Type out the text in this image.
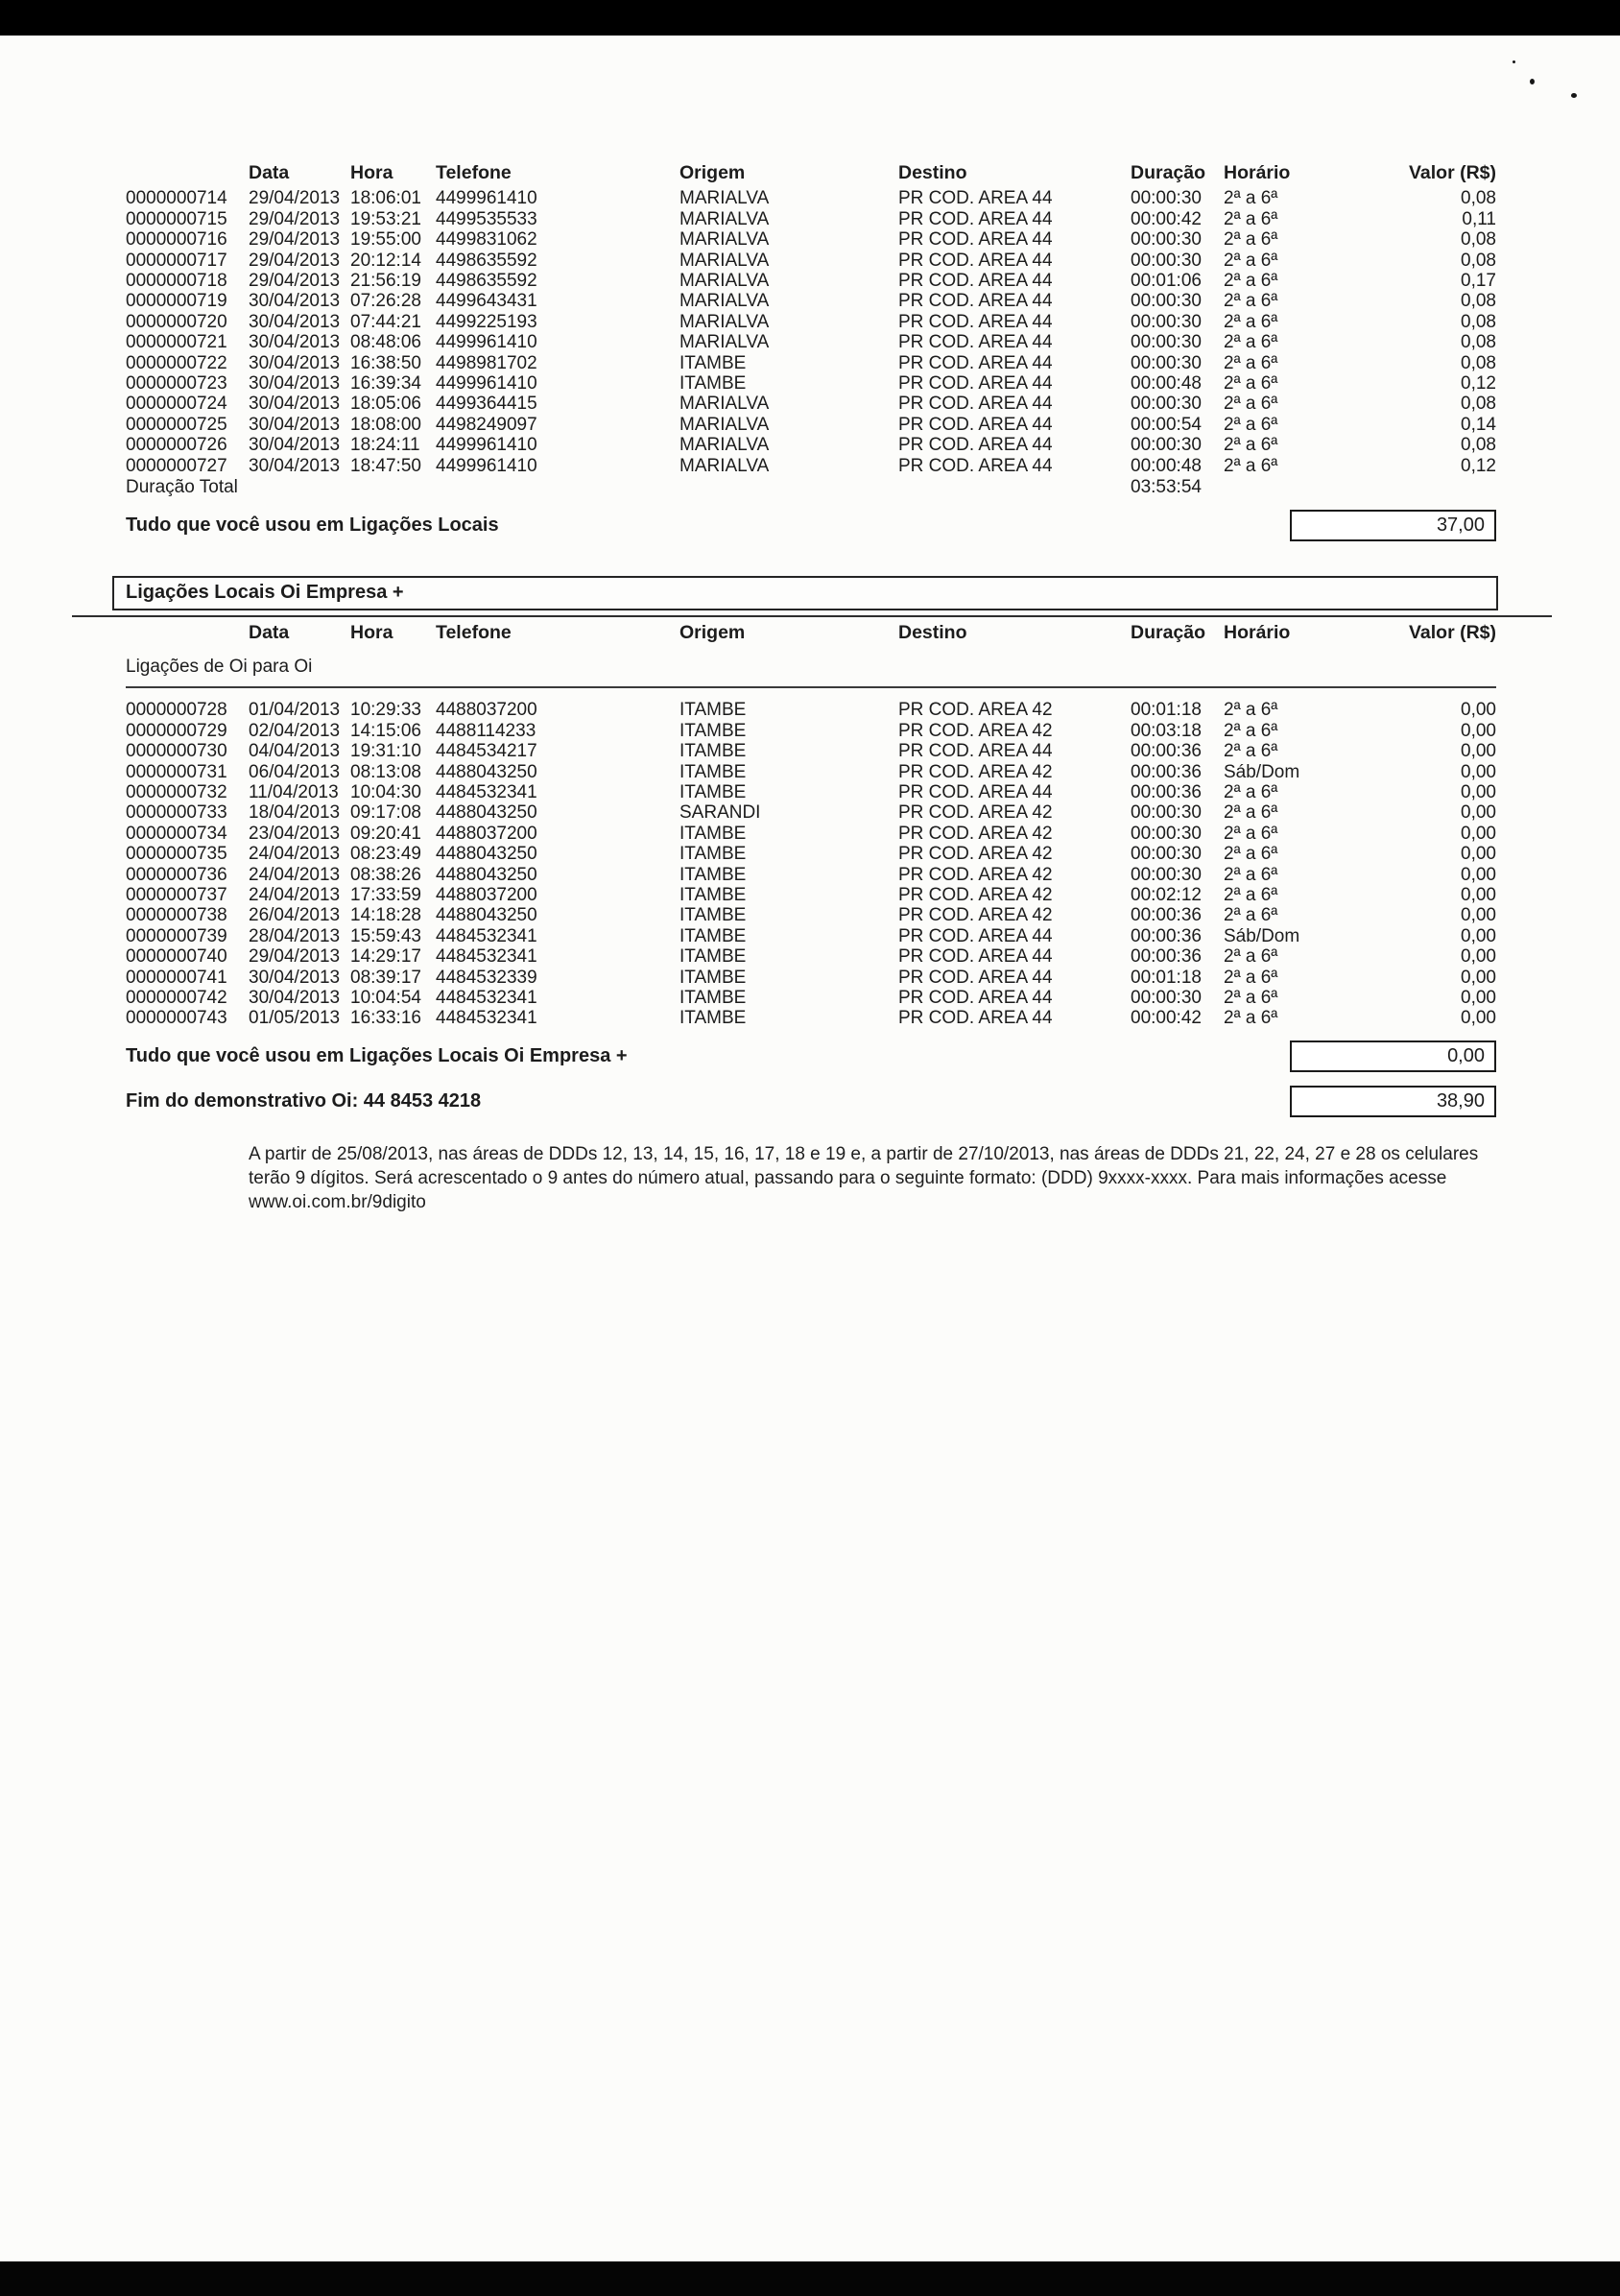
	Data	Hora	Telefone	Origem	Destino	Duração	Horário	Valor (R$)
0000000714	29/04/2013	18:06:01	4499961410	MARIALVA	PR COD. AREA 44	00:00:30	2ª a 6ª	0,08
0000000715	29/04/2013	19:53:21	4499535533	MARIALVA	PR COD. AREA 44	00:00:42	2ª a 6ª	0,11
0000000716	29/04/2013	19:55:00	4499831062	MARIALVA	PR COD. AREA 44	00:00:30	2ª a 6ª	0,08
0000000717	29/04/2013	20:12:14	4498635592	MARIALVA	PR COD. AREA 44	00:00:30	2ª a 6ª	0,08
0000000718	29/04/2013	21:56:19	4498635592	MARIALVA	PR COD. AREA 44	00:01:06	2ª a 6ª	0,17
0000000719	30/04/2013	07:26:28	4499643431	MARIALVA	PR COD. AREA 44	00:00:30	2ª a 6ª	0,08
0000000720	30/04/2013	07:44:21	4499225193	MARIALVA	PR COD. AREA 44	00:00:30	2ª a 6ª	0,08
0000000721	30/04/2013	08:48:06	4499961410	MARIALVA	PR COD. AREA 44	00:00:30	2ª a 6ª	0,08
0000000722	30/04/2013	16:38:50	4498981702	ITAMBE	PR COD. AREA 44	00:00:30	2ª a 6ª	0,08
0000000723	30/04/2013	16:39:34	4499961410	ITAMBE	PR COD. AREA 44	00:00:48	2ª a 6ª	0,12
0000000724	30/04/2013	18:05:06	4499364415	MARIALVA	PR COD. AREA 44	00:00:30	2ª a 6ª	0,08
0000000725	30/04/2013	18:08:00	4498249097	MARIALVA	PR COD. AREA 44	00:00:54	2ª a 6ª	0,14
0000000726	30/04/2013	18:24:11	4499961410	MARIALVA	PR COD. AREA 44	00:00:30	2ª a 6ª	0,08
0000000727	30/04/2013	18:47:50	4499961410	MARIALVA	PR COD. AREA 44	00:00:48	2ª a 6ª	0,12
Duração Total						03:53:54		
Tudo que você usou em Ligações Locais	37,00
Ligações Locais Oi Empresa +
	Data	Hora	Telefone	Origem	Destino	Duração	Horário	Valor (R$)
Ligações de Oi para Oi								
0000000728	01/04/2013	10:29:33	4488037200	ITAMBE	PR COD. AREA 42	00:01:18	2ª a 6ª	0,00
0000000729	02/04/2013	14:15:06	4488114233	ITAMBE	PR COD. AREA 42	00:03:18	2ª a 6ª	0,00
0000000730	04/04/2013	19:31:10	4484534217	ITAMBE	PR COD. AREA 44	00:00:36	2ª a 6ª	0,00
0000000731	06/04/2013	08:13:08	4488043250	ITAMBE	PR COD. AREA 42	00:00:36	Sáb/Dom	0,00
0000000732	11/04/2013	10:04:30	4484532341	ITAMBE	PR COD. AREA 44	00:00:36	2ª a 6ª	0,00
0000000733	18/04/2013	09:17:08	4488043250	SARANDI	PR COD. AREA 42	00:00:30	2ª a 6ª	0,00
0000000734	23/04/2013	09:20:41	4488037200	ITAMBE	PR COD. AREA 42	00:00:30	2ª a 6ª	0,00
0000000735	24/04/2013	08:23:49	4488043250	ITAMBE	PR COD. AREA 42	00:00:30	2ª a 6ª	0,00
0000000736	24/04/2013	08:38:26	4488043250	ITAMBE	PR COD. AREA 42	00:00:30	2ª a 6ª	0,00
0000000737	24/04/2013	17:33:59	4488037200	ITAMBE	PR COD. AREA 42	00:02:12	2ª a 6ª	0,00
0000000738	26/04/2013	14:18:28	4488043250	ITAMBE	PR COD. AREA 42	00:00:36	2ª a 6ª	0,00
0000000739	28/04/2013	15:59:43	4484532341	ITAMBE	PR COD. AREA 44	00:00:36	Sáb/Dom	0,00
0000000740	29/04/2013	14:29:17	4484532341	ITAMBE	PR COD. AREA 44	00:00:36	2ª a 6ª	0,00
0000000741	30/04/2013	08:39:17	4484532339	ITAMBE	PR COD. AREA 44	00:01:18	2ª a 6ª	0,00
0000000742	30/04/2013	10:04:54	4484532341	ITAMBE	PR COD. AREA 44	00:00:30	2ª a 6ª	0,00
0000000743	01/05/2013	16:33:16	4484532341	ITAMBE	PR COD. AREA 44	00:00:42	2ª a 6ª	0,00
Tudo que você usou em Ligações Locais Oi Empresa +	0,00
Fim do demonstrativo Oi: 44 8453 4218	38,90
A partir de 25/08/2013, nas áreas de DDDs 12, 13, 14, 15, 16, 17, 18 e 19 e, a partir de 27/10/2013, nas áreas de DDDs 21, 22, 24, 27 e 28 os celulares terão 9 dígitos. Será acrescentado o 9 antes do número atual, passando para o seguinte formato: (DDD) 9xxxx-xxxx. Para mais informações acesse www.oi.com.br/9digito
